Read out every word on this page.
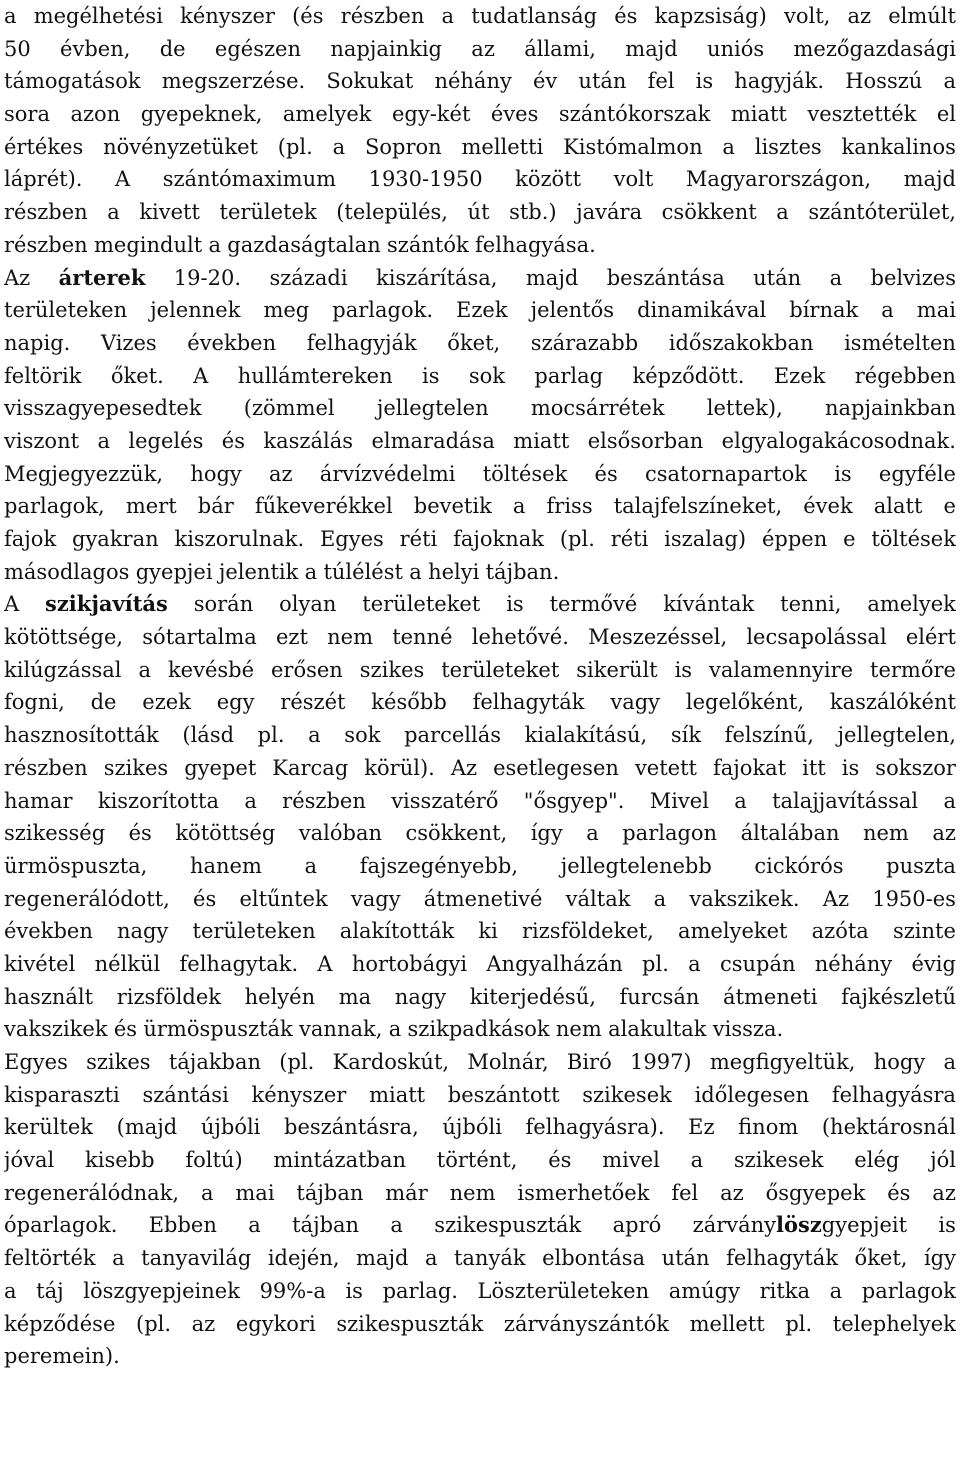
a megélhetési kényszer (és részben a tudatlanság és kapzsiság) volt, az elmúlt
50 évben, de egészen napjainkig az állami, majd uniós mezőgazdasági
támogatások megszerzése. Sokukat néhány év után fel is hagyják. Hosszú a
sora azon gyepeknek, amelyek egy-két éves szántókorszak miatt vesztették el
értékes növényzetüket (pl. a Sopron melletti Kistómalmon a lisztes kankalinos
láprét). A szántómaximum 1930-1950 között volt Magyarországon, majd
részben a kivett területek (település, út stb.) javára csökkent a szántóterület,
részben megindult a gazdaságtalan szántók felhagyása.
Az árterek 19-20. századi kiszárítása, majd beszántása után a belvizes
területeken jelennek meg parlagok. Ezek jelentős dinamikával bírnak a mai
napig. Vizes években felhagyják őket, szárazabb időszakokban ismételten
feltörik őket. A hullámtereken is sok parlag képződött. Ezek régebben
visszagyepesedtek (zömmel jellegtelen mocsárrétek lettek), napjainkban
viszont a legelés és kaszálás elmaradása miatt elsősorban elgyalogakácosodnak.
Megjegyezzük, hogy az árvízvédelmi töltések és csatornapartok is egyféle
parlagok, mert bár fűkeverékkel bevetik a friss talajfelszíneket, évek alatt e
fajok gyakran kiszorulnak. Egyes réti fajoknak (pl. réti iszalag) éppen e töltések
másodlagos gyepjei jelentik a túlélést a helyi tájban.
A szikjavítás során olyan területeket is termővé kívántak tenni, amelyek
kötöttsége, sótartalma ezt nem tenné lehetővé. Meszezéssel, lecsapolással elért
kilúgzással a kevésbé erősen szikes területeket sikerült is valamennyire termőre
fogni, de ezek egy részét később felhagyták vagy legelőként, kaszálóként
hasznosították (lásd pl. a sok parcellás kialakítású, sík felszínű, jellegtelen,
részben szikes gyepet Karcag körül). Az esetlegesen vetett fajokat itt is sokszor
hamar kiszorította a részben visszatérő "ősgyep". Mivel a talajjavítással a
szikesség és kötöttség valóban csökkent, így a parlagon általában nem az
ürmöspuszta, hanem a fajszegényebb, jellegtelenebb cickórós puszta
regenerálódott, és eltűntek vagy átmenetivé váltak a vakszikek. Az 1950-es
években nagy területeken alakították ki rizsföldeket, amelyeket azóta szinte
kivétel nélkül felhagytak. A hortobágyi Angyalházán pl. a csupán néhány évig
használt rizsföldek helyén ma nagy kiterjedésű, furcsán átmeneti fajkészletű
vakszikek és ürmöspuszták vannak, a szikpadkások nem alakultak vissza.
Egyes szikes tájakban (pl. Kardoskút, Molnár, Biró 1997) megfigyeltük, hogy a
kisparaszti szántási kényszer miatt beszántott szikesek időlegesen felhagyásra
kerültek (majd újbóli beszántásra, újbóli felhagyásra). Ez finom (hektárosnál
jóval kisebb foltú) mintázatban történt, és mivel a szikesek elég jól
regenerálódnak, a mai tájban már nem ismerhetőek fel az ősgyepek és az
óparlagok. Ebben a tájban a szikespuszták apró zárványlöszgyepjeit is
feltörték a tanyavilág idején, majd a tanyák elbontása után felhagyták őket, így
a táj löszgyepjeinek 99%-a is parlag. Löszterületeken amúgy ritka a parlagok
képződése (pl. az egykori szikespuszták zárványszántók mellett pl. telephelyek
peremein).
